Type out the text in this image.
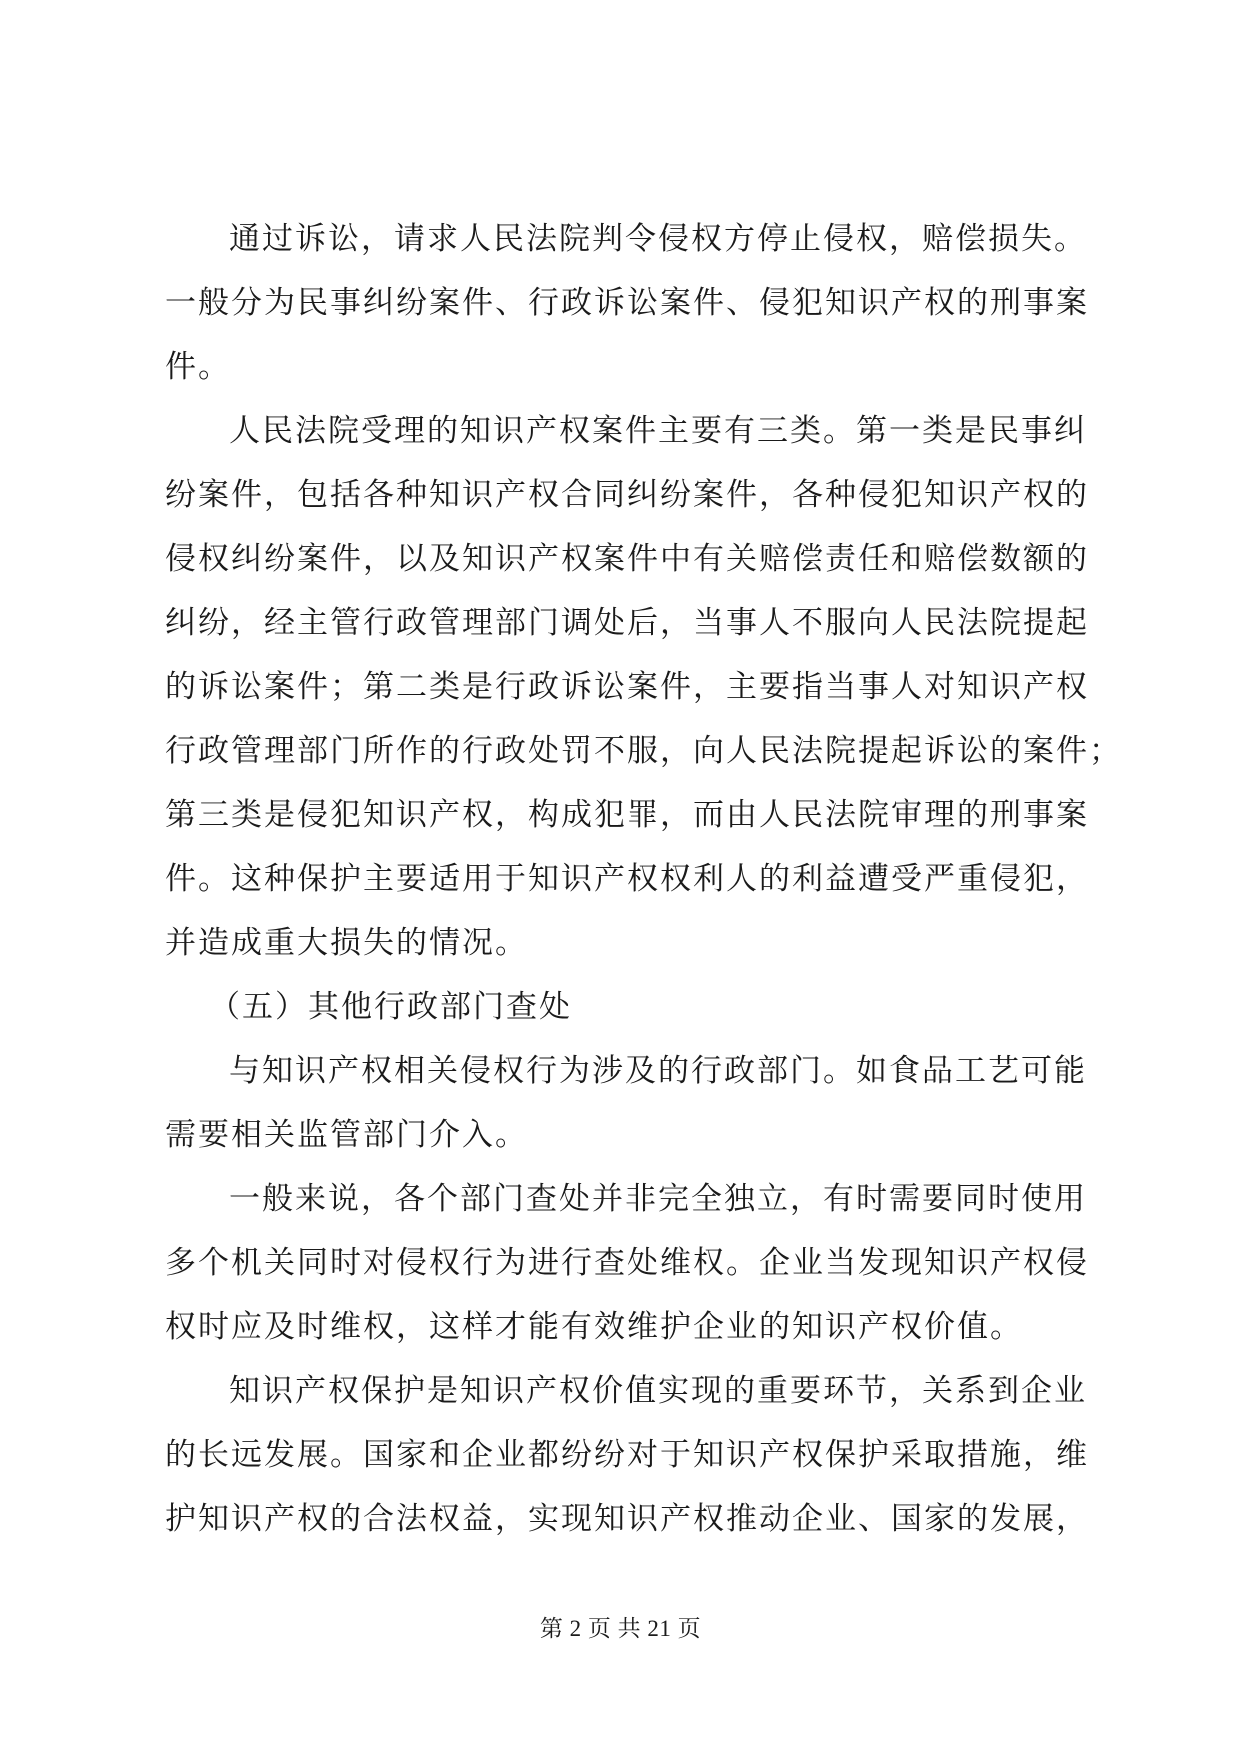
通过诉讼，请求人民法院判令侵权方停止侵权，赔偿损失。
一般分为民事纠纷案件、行政诉讼案件、侵犯知识产权的刑事案
件。
人民法院受理的知识产权案件主要有三类。第一类是民事纠
纷案件，包括各种知识产权合同纠纷案件，各种侵犯知识产权的
侵权纠纷案件，以及知识产权案件中有关赔偿责任和赔偿数额的
纠纷，经主管行政管理部门调处后，当事人不服向人民法院提起
的诉讼案件；第二类是行政诉讼案件，主要指当事人对知识产权
行政管理部门所作的行政处罚不服，向人民法院提起诉讼的案件；
第三类是侵犯知识产权，构成犯罪，而由人民法院审理的刑事案
件。这种保护主要适用于知识产权权利人的利益遭受严重侵犯，
并造成重大损失的情况。
（五）其他行政部门查处
与知识产权相关侵权行为涉及的行政部门。如食品工艺可能
需要相关监管部门介入。
一般来说，各个部门查处并非完全独立，有时需要同时使用
多个机关同时对侵权行为进行查处维权。企业当发现知识产权侵
权时应及时维权，这样才能有效维护企业的知识产权价值。
知识产权保护是知识产权价值实现的重要环节，关系到企业
的长远发展。国家和企业都纷纷对于知识产权保护采取措施，维
护知识产权的合法权益，实现知识产权推动企业、国家的发展，
第 2 页 共 21 页
